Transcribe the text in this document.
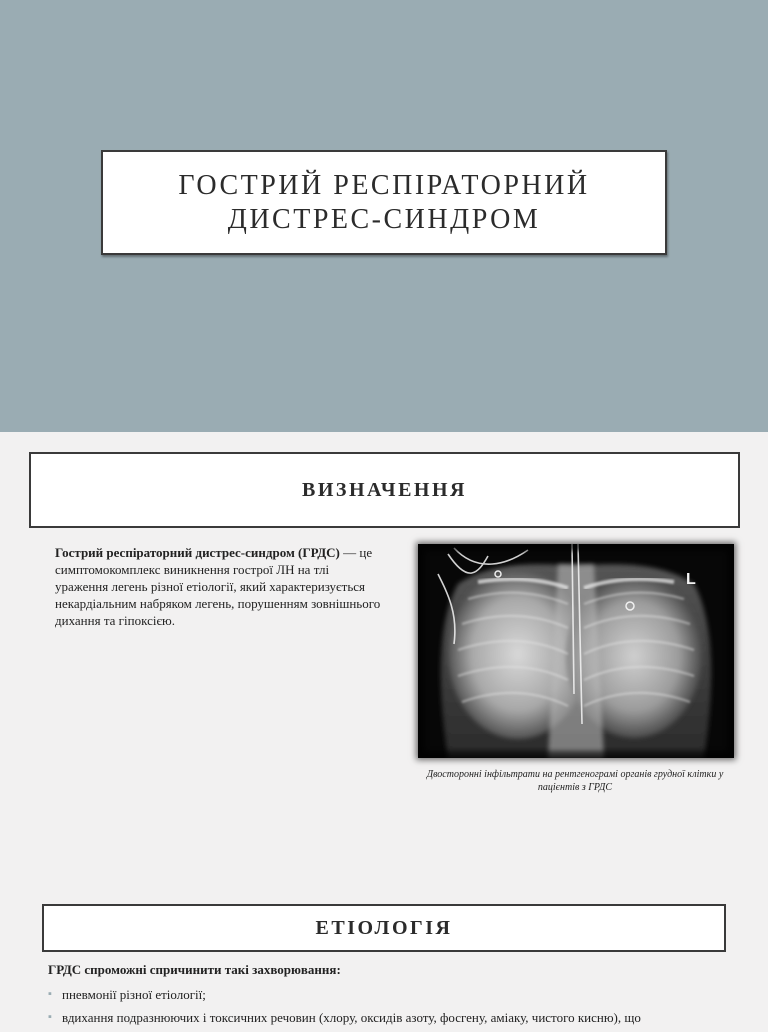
ГОСТРИЙ РЕСПІРАТОРНИЙ
ДИСТРЕС-СИНДРОМ
ВИЗНАЧЕННЯ

Гострий респіраторний дистрес-синдром (ГРДС) — це симптомокомплекс виникнення гострої ЛН на тлі ураження легень різної етіології, який характеризується некардіальним набряком легень, порушенням зовнішнього дихання та гіпоксією.

L
Двосторонні інфільтрати на рентгенограмі органів грудної клітки у пацієнтів з ГРДС
ЕТІОЛОГІЯ
ГРДС спроможні спричинити такі захворювання:
▪ пневмонії різної етіології;
▪ вдихання подразнюючих і токсичних речовин (хлору, оксидів азоту, фосгену, аміаку, чистого кисню), що
